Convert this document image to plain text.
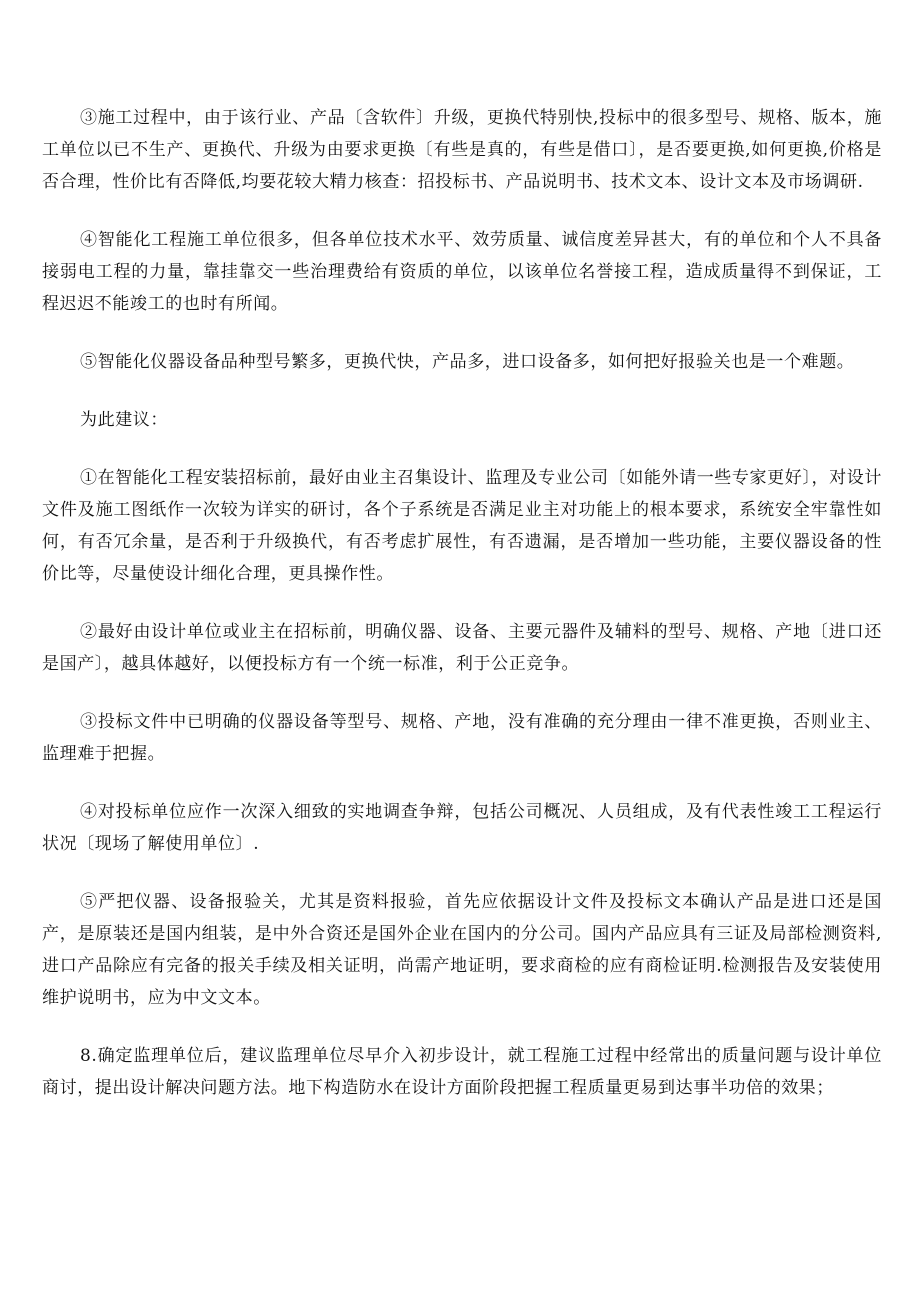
③施工过程中，由于该行业、产品〔含软件〕升级，更换代特别快,投标中的很多型号、规格、版本，施工单位以已不生产、更换代、升级为由要求更换〔有些是真的，有些是借口〕，是否要更换,如何更换,价格是否合理，性价比有否降低,均要花较大精力核查：招投标书、产品说明书、技术文本、设计文本及市场调研.

④智能化工程施工单位很多，但各单位技术水平、效劳质量、诚信度差异甚大，有的单位和个人不具备接弱电工程的力量，靠挂靠交一些治理费给有资质的单位，以该单位名誉接工程，造成质量得不到保证，工程迟迟不能竣工的也时有所闻。

⑤智能化仪器设备品种型号繁多，更换代快，产品多，进口设备多，如何把好报验关也是一个难题。

为此建议：

①在智能化工程安装招标前，最好由业主召集设计、监理及专业公司〔如能外请一些专家更好〕，对设计文件及施工图纸作一次较为详实的研讨，各个子系统是否满足业主对功能上的根本要求，系统安全牢靠性如何，有否冗余量，是否利于升级换代，有否考虑扩展性，有否遗漏，是否增加一些功能，主要仪器设备的性价比等，尽量使设计细化合理，更具操作性。

②最好由设计单位或业主在招标前，明确仪器、设备、主要元器件及辅料的型号、规格、产地〔进口还是国产〕，越具体越好，以便投标方有一个统一标准，利于公正竞争。

③投标文件中已明确的仪器设备等型号、规格、产地，没有准确的充分理由一律不准更换，否则业主、监理难于把握。

④对投标单位应作一次深入细致的实地调查争辩，包括公司概况、人员组成，及有代表性竣工工程运行状况〔现场了解使用单位〕.

⑤严把仪器、设备报验关，尤其是资料报验，首先应依据设计文件及投标文本确认产品是进口还是国产，是原装还是国内组装，是中外合资还是国外企业在国内的分公司。国内产品应具有三证及局部检测资料,进口产品除应有完备的报关手续及相关证明，尚需产地证明，要求商检的应有商检证明.检测报告及安装使用维护说明书，应为中文文本。

8.确定监理单位后，建议监理单位尽早介入初步设计，就工程施工过程中经常出的质量问题与设计单位商讨，提出设计解决问题方法。地下构造防水在设计方面阶段把握工程质量更易到达事半功倍的效果；
